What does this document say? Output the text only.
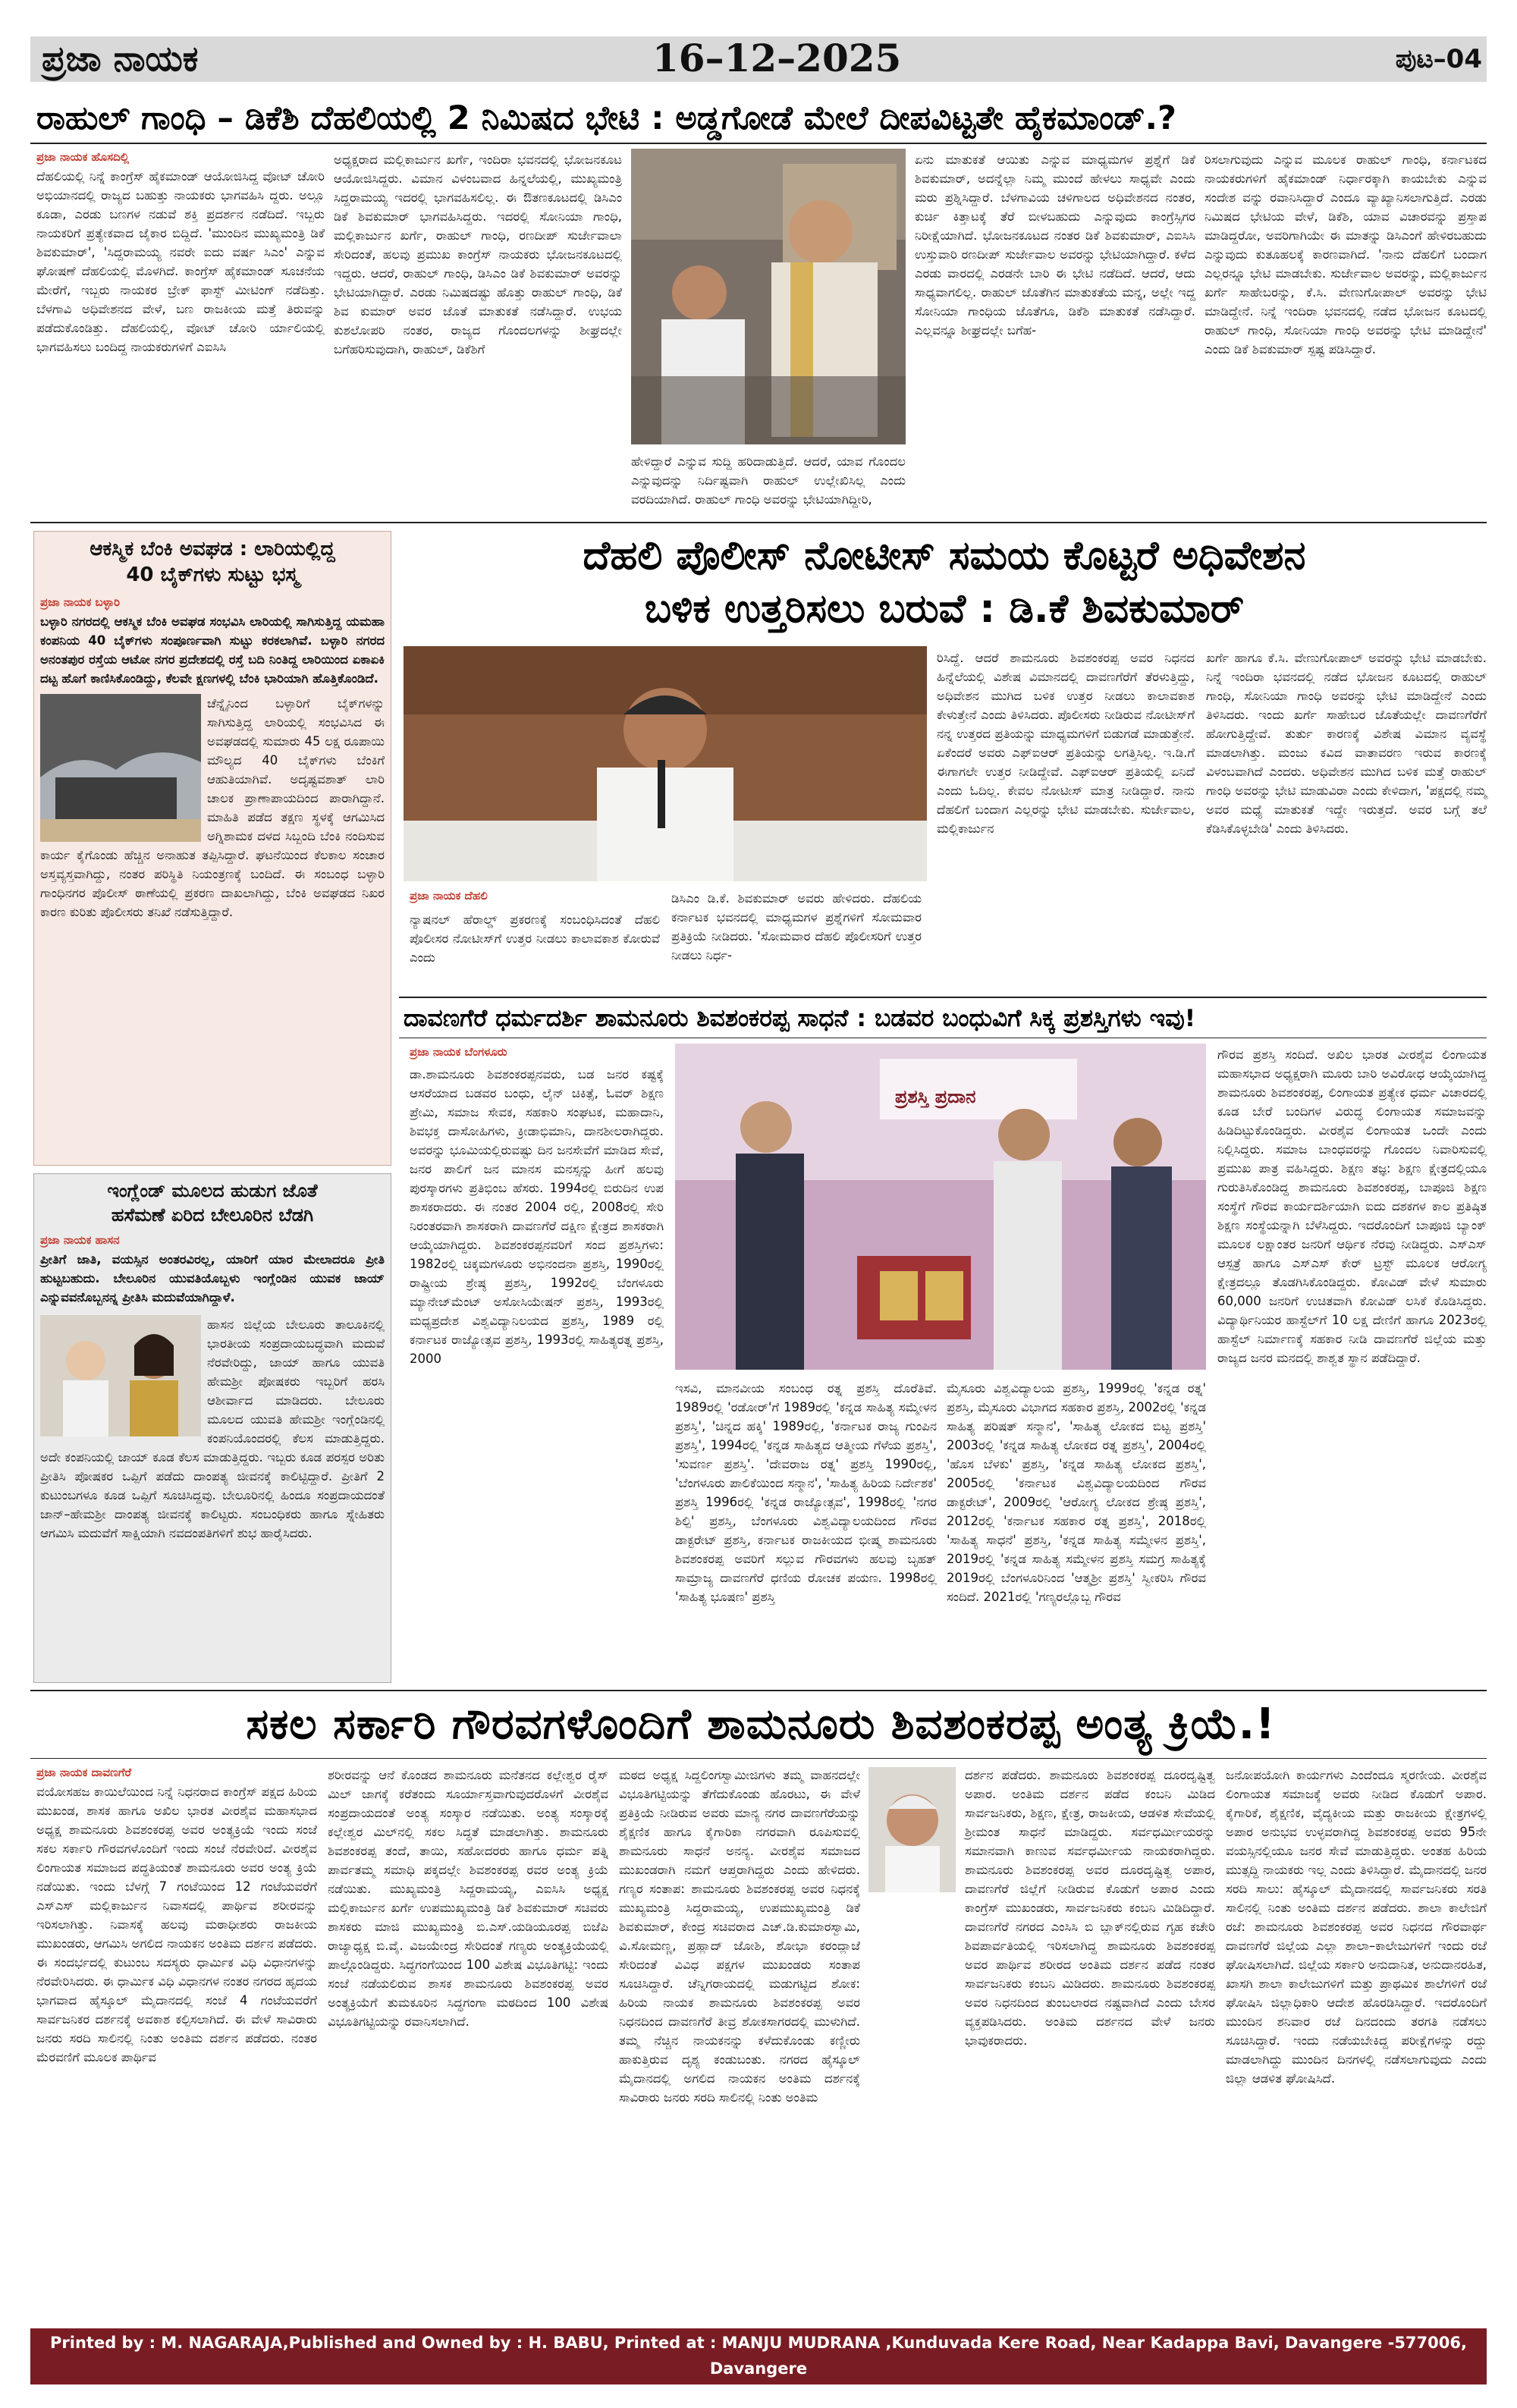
ಪ್ರಜಾ ನಾಯಕ	16–12–2025	ಪುಟ–04
ರಾಹುಲ್ ಗಾಂಧಿ – ಡಿಕೆಶಿ ದೆಹಲಿಯಲ್ಲಿ 2 ನಿಮಿಷದ ಭೇಟಿ : ಅಡ್ಡಗೋಡೆ ಮೇಲೆ ದೀಪವಿಟ್ಟತೇ ಹೈಕಮಾಂಡ್.?
ಪ್ರಜಾ ನಾಯಕ ಹೊಸದಿಲ್ಲಿ
ದೆಹಲಿಯಲ್ಲಿ ನಿನ್ನೆ ಕಾಂಗ್ರೆಸ್ ಹೈಕಮಾಂಡ್ ಆಯೋಜಿಸಿದ್ದ ವೋಟ್ ಚೋರಿ ಅಭಿಯಾನದಲ್ಲಿ ರಾಜ್ಯದ ಬಹುತ್ತು ನಾಯಕರು ಭಾಗವಹಿಸಿ ದ್ದರು. ಅಲ್ಲೂ ಕೂಡಾ, ಎರಡು ಬಣಗಳ ನಡುವೆ ಶಕ್ತಿ ಪ್ರದರ್ಶನ ನಡೆದಿದೆ. ಇಬ್ಬರು ನಾಯಕರಿಗೆ ಪ್ರತ್ಯೇಕವಾದ ಜೈಕಾರ ಬಿದ್ದಿದೆ. 'ಮುಂದಿನ ಮುಖ್ಯಮಂತ್ರಿ ಡಿಕೆ ಶಿವಕುಮಾರ್', 'ಸಿದ್ದರಾಮಯ್ಯ ನವರೇ ಐದು ವರ್ಷ ಸಿಎಂ' ಎನ್ನುವ ಘೋಷಣೆ ದೆಹಲಿಯಲ್ಲಿ ಮೊಳಗಿದೆ. ಕಾಂಗ್ರೆಸ್ ಹೈಕಮಾಂಡ್ ಸೂಚನೆಯ ಮೇರೆಗೆ, ಇಬ್ಬರು ನಾಯಕರ ಬ್ರೇಕ್ ಫಾಸ್ಟ್ ಮೀಟಿಂಗ್ ನಡೆದಿತ್ತು. ಬೆಳಗಾವಿ ಅಧಿವೇಶನದ ವೇಳೆ, ಬಣ ರಾಜಕೀಯ ಮತ್ತೆ ತಿರುವನ್ನು ಪಡೆದುಕೊಂಡಿತ್ತು. ದೆಹಲಿಯಲ್ಲಿ, ವೋಟ್ ಚೋರಿ ರ್ಯಾಲಿಯಲ್ಲಿ ಭಾಗವಹಿಸಲು ಬಂದಿದ್ದ ನಾಯಕರುಗಳಿಗೆ ಎಐಸಿಸಿ
ಅಧ್ಯಕ್ಷರಾದ ಮಲ್ಲಿಕಾರ್ಜುನ ಖರ್ಗೆ, ಇಂದಿರಾ ಭವನದಲ್ಲಿ ಭೋಜನಕೂಟ ಆಯೋಜಿಸಿದ್ದರು. ವಿಮಾನ ವಿಳಂಬವಾದ ಹಿನ್ನಲೆಯಲ್ಲಿ, ಮುಖ್ಯಮಂತ್ರಿ ಸಿದ್ದರಾಮಯ್ಯ ಇದರಲ್ಲಿ ಭಾಗವಹಿಸಲಿಲ್ಲ. ಈ ಔತಣಕೂಟದಲ್ಲಿ ಡಿಸಿಎಂ ಡಿಕೆ ಶಿವಕುಮಾರ್ ಭಾಗವಹಿಸಿದ್ದರು. ಇದರಲ್ಲಿ ಸೋನಿಯಾ ಗಾಂಧಿ, ಮಲ್ಲಿಕಾರ್ಜುನ ಖರ್ಗೆ, ರಾಹುಲ್ ಗಾಂಧಿ, ರಣದೀಪ್ ಸುರ್ಜೇವಾಲಾ ಸೇರಿದಂತೆ, ಹಲವು ಪ್ರಮುಖ ಕಾಂಗ್ರೆಸ್ ನಾಯಕರು ಭೋಜನಕೂಟದಲ್ಲಿ ಇದ್ದರು. ಆದರೆ, ರಾಹುಲ್ ಗಾಂಧಿ, ಡಿಸಿಎಂ ಡಿಕೆ ಶಿವಕುಮಾರ್ ಅವರನ್ನು ಭೇಟಿಯಾಗಿದ್ದಾರೆ. ಎರಡು ನಿಮಿಷದಷ್ಟು ಹೊತ್ತು ರಾಹುಲ್ ಗಾಂಧಿ, ಡಿಕೆ ಶಿವ ಕುಮಾರ್ ಅವರ ಜೊತೆ ಮಾತುಕತೆ ನಡೆಸಿದ್ದಾರೆ. ಉಭಯ ಕುಶಲೋಪರಿ ನಂತರ, ರಾಜ್ಯದ ಗೊಂದಲಗಳನ್ನು ಶೀಘ್ರದಲ್ಲೇ ಬಗೆಹರಿಸುವುದಾಗಿ, ರಾಹುಲ್, ಡಿಕೆಶಿಗೆ
ಹೇಳಿದ್ದಾರೆ ಎನ್ನುವ ಸುದ್ದಿ ಹರಿದಾಡುತ್ತಿದೆ. ಆದರೆ, ಯಾವ ಗೊಂದಲ ಎನ್ನುವುದನ್ನು ನಿರ್ದಿಷ್ಟವಾಗಿ ರಾಹುಲ್ ಉಲ್ಲೇಖಿಸಿಲ್ಲ ಎಂದು ವರದಿಯಾಗಿದೆ. ರಾಹುಲ್ ಗಾಂಧಿ ಅವರನ್ನು ಭೇಟಿಯಾಗಿದ್ದೀರಿ,
ಏನು ಮಾತುಕತೆ ಆಯಿತು ಎನ್ನುವ ಮಾಧ್ಯಮಗಳ ಪ್ರಶ್ನೆಗೆ ಡಿಕೆ ಶಿವಕುಮಾರ್, ಅದನ್ನೆಲ್ಲಾ ನಿಮ್ಮ ಮುಂದೆ ಹೇಳಲು ಸಾಧ್ಯವೇ ಎಂದು ಮರು ಪ್ರಶ್ನಿಸಿದ್ದಾರೆ. ಬೆಳಗಾವಿಯ ಚಳಿಗಾಲದ ಅಧಿವೇಶನದ ನಂತರ, ಕುರ್ಚಿ ಕಿತ್ತಾಟಕ್ಕೆ ತೆರೆ ಬೀಳಬಹುದು ಎನ್ನುವುದು ಕಾಂಗ್ರೆಸ್ಸಿಗರ ನಿರೀಕ್ಷೆಯಾಗಿದೆ. ಭೋಜನಕೂಟದ ನಂತರ ಡಿಕೆ ಶಿವಕುಮಾರ್, ಎಐಸಿಸಿ ಉಸ್ತುವಾರಿ ರಣದೀಪ್ ಸುರ್ಜೇವಾಲ ಅವರನ್ನು ಭೇಟಿಯಾಗಿದ್ದಾರೆ. ಕಳೆದ ಎರಡು ವಾರದಲ್ಲಿ ಎರಡನೇ ಬಾರಿ ಈ ಭೇಟಿ ನಡೆದಿದೆ. ಆದರೆ, ಆದು ಸಾಧ್ಯವಾಗಲಿಲ್ಲ. ರಾಹುಲ್ ಜೊತೆಗಿನ ಮಾತುಕತೆಯ ಮನ್ನ, ಅಲ್ಲೇ ಇದ್ದ ಸೋನಿಯಾ ಗಾಂಧಿಯ ಜೊತೆಗೂ, ಡಿಕೆಶಿ ಮಾತುಕತೆ ನಡೆಸಿದ್ದಾರೆ. ಎಲ್ಲವನ್ನೂ ಶೀಘ್ರದಲ್ಲೇ ಬಗೆಹ-
ರಿಸಲಾಗುವುದು ಎನ್ನುವ ಮೂಲಕ ರಾಹುಲ್ ಗಾಂಧಿ, ಕರ್ನಾಟಕದ ನಾಯಕರುಗಳಿಗೆ ಹೈಕಮಾಂಡ್ ನಿರ್ಧಾರಕ್ಕಾಗಿ ಕಾಯಬೇಕು ಎನ್ನುವ ಸಂದೇಶ ವನ್ನು ರವಾನಿಸಿದ್ದಾರೆ ಎಂದೂ ವ್ಯಾಖ್ಯಾನಿಸಲಾಗುತ್ತಿದೆ. ಎರಡು ನಿಮಿಷದ ಭೇಟಿಯ ವೇಳೆ, ಡಿಕೆಶಿ, ಯಾವ ವಿಚಾರವನ್ನು ಪ್ರಸ್ತಾಪ ಮಾಡಿದ್ದರೋ, ಅವರಿಗಾಗಿಯೇ ಈ ಮಾತನ್ನು ಡಿಸಿಎಂಗೆ ಹೇಳಿರಬಹುದು ಎನ್ನುವುದು ಕುತೂಹಲಕ್ಕೆ ಕಾರಣವಾಗಿದೆ. 'ನಾನು ದೆಹಲಿಗೆ ಬಂದಾಗ ಎಲ್ಲರನ್ನೂ ಭೇಟಿ ಮಾಡಬೇಕು. ಸುರ್ಜೇವಾಲ ಅವರನ್ನು, ಮಲ್ಲಿಕಾರ್ಜುನ ಖರ್ಗೆ ಸಾಹೇಬರನ್ನು, ಕೆ.ಸಿ. ವೇಣುಗೋಪಾಲ್ ಅವರನ್ನು ಭೇಟಿ ಮಾಡಿದ್ದೇನೆ. ನಿನ್ನೆ ಇಂದಿರಾ ಭವನದಲ್ಲಿ ನಡೆದ ಭೋಜನ ಕೂಟದಲ್ಲಿ ರಾಹುಲ್ ಗಾಂಧಿ, ಸೋನಿಯಾ ಗಾಂಧಿ ಅವರನ್ನು ಭೇಟಿ ಮಾಡಿದ್ದೇನೆ' ಎಂದು ಡಿಕೆ ಶಿವಕುಮಾರ್ ಸ್ಪಷ್ಟ ಪಡಿಸಿದ್ದಾರೆ.
ಆಕಸ್ಮಿಕ ಬೆಂಕಿ ಅವಘಡ : ಲಾರಿಯಲ್ಲಿದ್ದ
40 ಬೈಕ್‌ಗಳು ಸುಟ್ಟು ಭಸ್ಮ
ಪ್ರಜಾ ನಾಯಕ ಬಳ್ಳಾರಿ
ಬಳ್ಳಾರಿ ನಗರದಲ್ಲಿ ಆಕಸ್ಮಿಕ ಬೆಂಕಿ ಅವಘಡ ಸಂಭವಿಸಿ ಲಾರಿಯಲ್ಲಿ ಸಾಗಿಸುತ್ತಿದ್ದ ಯಮಹಾ ಕಂಪನಿಯ 40 ಬೈಕ್‌ಗಳು ಸಂಪೂರ್ಣವಾಗಿ ಸುಟ್ಟು ಕರಕಲಾಗಿವೆ. ಬಳ್ಳಾರಿ ನಗರದ ಅನಂತಪುರ ರಸ್ತೆಯ ಆಟೋ ನಗರ ಪ್ರದೇಶದಲ್ಲಿ ರಸ್ತೆ ಬದಿ ನಿಂತಿದ್ದ ಲಾರಿಯಿಂದ ಏಕಾಏಕಿ ದಟ್ಟ ಹೊಗೆ ಕಾಣಿಸಿಕೊಂಡಿದ್ದು, ಕೆಲವೇ ಕ್ಷಣಗಳಲ್ಲಿ ಬೆಂಕಿ ಭಾರಿಯಾಗಿ ಹೊತ್ತಿಕೊಂಡಿದೆ.
ಚೆನ್ನೈನಿಂದ ಬಳ್ಳಾರಿಗೆ ಬೈಕ್‌ಗಳನ್ನು ಸಾಗಿಸುತ್ತಿದ್ದ ಲಾರಿಯಲ್ಲಿ ಸಂಭವಿಸಿದ ಈ ಅವಘಡದಲ್ಲಿ ಸುಮಾರು 45 ಲಕ್ಷ ರೂಪಾಯಿ ಮೌಲ್ಯದ 40 ಬೈಕ್‌ಗಳು ಬೆಂಕಿಗೆ ಆಹುತಿಯಾಗಿವೆ. ಅದೃಷ್ಟವಶಾತ್ ಲಾರಿ ಚಾಲಕ ಪ್ರಾಣಾಪಾಯದಿಂದ ಪಾರಾಗಿದ್ದಾನೆ. ಮಾಹಿತಿ ಪಡೆದ ತಕ್ಷಣ ಸ್ಥಳಕ್ಕೆ ಆಗಮಿಸಿದ ಅಗ್ನಿಶಾಮಕ ದಳದ ಸಿಬ್ಬಂದಿ ಬೆಂಕಿ ನಂದಿಸುವ ಕಾರ್ಯ ಕೈಗೊಂಡು ಹೆಚ್ಚಿನ ಅನಾಹುತ ತಪ್ಪಿಸಿದ್ದಾರೆ. ಘಟನೆಯಿಂದ ಕೆಲಕಾಲ ಸಂಚಾರ ಅಸ್ತವ್ಯಸ್ತವಾಗಿದ್ದು, ನಂತರ ಪರಿಸ್ಥಿತಿ ನಿಯಂತ್ರಣಕ್ಕೆ ಬಂದಿದೆ. ಈ ಸಂಬಂಧ ಬಳ್ಳಾರಿ ಗಾಂಧಿನಗರ ಪೊಲೀಸ್ ಠಾಣೆಯಲ್ಲಿ ಪ್ರಕರಣ ದಾಖಲಾಗಿದ್ದು, ಬೆಂಕಿ ಅವಘಡದ ನಿಖರ ಕಾರಣ ಕುರಿತು ಪೊಲೀಸರು ತನಿಖೆ ನಡೆಸುತ್ತಿದ್ದಾರೆ.
ಇಂಗ್ಲೆಂಡ್ ಮೂಲದ ಹುಡುಗ ಜೊತೆ
ಹಸೆಮಣೆ ಏರಿದ ಬೇಲೂರಿನ ಬೆಡಗಿ
ಪ್ರಜಾ ನಾಯಕ ಹಾಸನ
ಪ್ರೀತಿಗೆ ಜಾತಿ, ವಯಸ್ಸಿನ ಅಂತರವಿರಲ್ಲ, ಯಾರಿಗೆ ಯಾರ ಮೇಲಾದರೂ ಪ್ರೀತಿ ಹುಟ್ಟಬಹುದು. ಬೇಲೂರಿನ ಯುವತಿಯೊಬ್ಬಳು ಇಂಗ್ಲೆಂಡಿನ ಯುವಕ ಜಾಯ್ ಎನ್ನುವವನೊಬ್ಬನನ್ನ ಪ್ರೀತಿಸಿ ಮದುವೆಯಾಗಿದ್ದಾಳೆ.
ಹಾಸನ ಜಿಲ್ಲೆಯ ಬೇಲೂರು ತಾಲೂಕಿನಲ್ಲಿ ಭಾರತೀಯ ಸಂಪ್ರದಾಯಬದ್ಧವಾಗಿ ಮದುವೆ ನೆರವೇರಿದ್ದು, ಜಾಯ್ ಹಾಗೂ ಯುವತಿ ಹೇಮಶ್ರೀ ಪೋಷಕರು ಇಬ್ಬರಿಗೆ ಹರಸಿ ಆಶೀರ್ವಾದ ಮಾಡಿದರು. ಬೇಲೂರು ಮೂಲದ ಯುವತಿ ಹೇಮಶ್ರೀ ಇಂಗ್ಲೆಂಡಿನಲ್ಲಿ ಕಂಪನಿಯೊಂದರಲ್ಲಿ ಕೆಲಸ ಮಾಡುತ್ತಿದ್ದರು. ಅದೇ ಕಂಪನಿಯಲ್ಲಿ ಜಾಯ್ ಕೂಡ ಕೆಲಸ ಮಾಡುತ್ತಿದ್ದರು. ಇಬ್ಬರು ಕೂಡ ಪರಸ್ಪರ ಅರಿತು ಪ್ರೀತಿಸಿ ಪೋಷಕರ ಒಪ್ಪಿಗೆ ಪಡೆದು ದಾಂಪತ್ಯ ಜೀವನಕ್ಕೆ ಕಾಲಿಟ್ಟಿದ್ದಾರೆ. ಪ್ರೀತಿಗೆ 2 ಕುಟುಂಬಗಳೂ ಕೂಡ ಒಪ್ಪಿಗೆ ಸೂಚಿಸಿದ್ದವು. ಬೇಲೂರಿನಲ್ಲಿ ಹಿಂದೂ ಸಂಪ್ರದಾಯದಂತೆ ಜಾನ್–ಹೇಮಶ್ರೀ ದಾಂಪತ್ಯ ಜೀವನಕ್ಕೆ ಕಾಲಿಟ್ಟರು. ಸಂಬಂಧಿಕರು ಹಾಗೂ ಸ್ನೇಹಿತರು ಆಗಮಿಸಿ ಮದುವೆಗೆ ಸಾಕ್ಷಿಯಾಗಿ ನವದಂಪತಿಗಳಿಗೆ ಶುಭ ಹಾರೈಸಿದರು.
ದೆಹಲಿ ಪೊಲೀಸ್ ನೋಟೀಸ್ ಸಮಯ ಕೊಟ್ಟರೆ ಅಧಿವೇಶನ
ಬಳಿಕ ಉತ್ತರಿಸಲು ಬರುವೆ : ಡಿ.ಕೆ ಶಿವಕುಮಾರ್
ಪ್ರಜಾ ನಾಯಕ ದೆಹಲಿ
ನ್ಯಾಷನಲ್ ಹೆರಾಲ್ಡ್ ಪ್ರಕರಣಕ್ಕೆ ಸಂಬಂಧಿಸಿದಂತೆ ದೆಹಲಿ ಪೊಲೀಸರ ನೋಟೀಸ್‌ಗೆ ಉತ್ತರ ನೀಡಲು ಕಾಲಾವಕಾಶ ಕೋರುವೆ ಎಂದು
ಡಿಸಿಎಂ ಡಿ.ಕೆ. ಶಿವಕುಮಾರ್ ಅವರು ಹೇಳಿದರು. ದೆಹಲಿಯ ಕರ್ನಾಟಕ ಭವನದಲ್ಲಿ ಮಾಧ್ಯಮಗಳ ಪ್ರಶ್ನೆಗಳಿಗೆ ಸೋಮವಾರ ಪ್ರತಿಕ್ರಿಯೆ ನೀಡಿದರು. 'ಸೋಮವಾರ ದೆಹಲಿ ಪೊಲೀಸರಿಗೆ ಉತ್ತರ ನೀಡಲು ನಿರ್ಧ-
ರಿಸಿದ್ದೆ. ಆದರೆ ಶಾಮನೂರು ಶಿವಶಂಕರಪ್ಪ ಅವರ ನಿಧನದ ಹಿನ್ನೆಲೆಯಲ್ಲಿ ವಿಶೇಷ ವಿಮಾನದಲ್ಲಿ ದಾವಣಗೆರೆಗೆ ತೆರಳುತ್ತಿದ್ದು, ಅಧಿವೇಶನ ಮುಗಿದ ಬಳಿಕ ಉತ್ತರ ನೀಡಲು ಕಾಲಾವಕಾಶ ಕೇಳುತ್ತೇನೆ ಎಂದು ತಿಳಿಸಿದರು. ಪೊಲೀಸರು ನೀಡಿರುವ ನೋಟೀಸ್‌ಗೆ ನನ್ನ ಉತ್ತರದ ಪ್ರತಿಯನ್ನು ಮಾಧ್ಯಮಗಳಿಗೆ ಬಿಡುಗಡೆ ಮಾಡುತ್ತೇನೆ. ಏಕೆಂದರೆ ಅವರು ಎಫ್‌ಐಆರ್ ಪ್ರತಿಯನ್ನು ಲಗತ್ತಿಸಿಲ್ಲ. ಇ.ಡಿ.ಗೆ ಈಗಾಗಲೇ ಉತ್ತರ ನೀಡಿದ್ದೇವೆ. ಎಫ್‌ಐಆರ್ ಪ್ರತಿಯಲ್ಲಿ ಏನಿದೆ ಎಂದು ಓದಿಲ್ಲ. ಕೇವಲ ನೋಟೀಸ್ ಮಾತ್ರ ನೀಡಿದ್ದಾರೆ. ನಾನು ದೆಹಲಿಗೆ ಬಂದಾಗ ಎಲ್ಲರನ್ನು ಭೇಟಿ ಮಾಡಬೇಕು. ಸುರ್ಜೇವಾಲ, ಮಲ್ಲಿಕಾರ್ಜುನ
ಖರ್ಗೆ ಹಾಗೂ ಕೆ.ಸಿ. ವೇಣುಗೋಪಾಲ್ ಅವರನ್ನು ಭೇಟಿ ಮಾಡಬೇಕು. ನಿನ್ನೆ ಇಂದಿರಾ ಭವನದಲ್ಲಿ ನಡೆದ ಭೋಜನ ಕೂಟದಲ್ಲಿ ರಾಹುಲ್ ಗಾಂಧಿ, ಸೋನಿಯಾ ಗಾಂಧಿ ಅವರನ್ನು ಭೇಟಿ ಮಾಡಿದ್ದೇನೆ ಎಂದು ತಿಳಿಸಿದರು. ಇಂದು ಖರ್ಗೆ ಸಾಹೇಬರ ಜೊತೆಯಲ್ಲೇ ದಾವಣಗೆರೆಗೆ ಹೋಗುತ್ತಿದ್ದೇವೆ. ತುರ್ತು ಕಾರಣಕ್ಕೆ ವಿಶೇಷ ವಿಮಾನ ವ್ಯವಸ್ಥೆ ಮಾಡಲಾಗಿತ್ತು. ಮಂಜು ಕವಿದ ವಾತಾವರಣ ಇರುವ ಕಾರಣಕ್ಕೆ ವಿಳಂಬವಾಗಿದೆ ಎಂದರು. ಅಧಿವೇಶನ ಮುಗಿದ ಬಳಿಕ ಮತ್ತೆ ರಾಹುಲ್ ಗಾಂಧಿ ಅವರನ್ನು ಭೇಟಿ ಮಾಡುವಿರಾ ಎಂದು ಕೇಳಿದಾಗ, 'ಪಕ್ಷದಲ್ಲಿ ನಮ್ಮ ಅವರ ಮಧ್ಯೆ ಮಾತುಕತೆ ಇದ್ದೇ ಇರುತ್ತದೆ. ಅವರ ಬಗ್ಗೆ ತಲೆ ಕೆಡಿಸಿಕೊಳ್ಳಬೇಡಿ' ಎಂದು ತಿಳಿಸಿದರು.
ದಾವಣಗೆರೆ ಧರ್ಮದರ್ಶಿ ಶಾಮನೂರು ಶಿವಶಂಕರಪ್ಪ ಸಾಧನೆ : ಬಡವರ ಬಂಧುವಿಗೆ ಸಿಕ್ಕ ಪ್ರಶಸ್ತಿಗಳು ಇವು!
ಪ್ರಜಾ ನಾಯಕ ಬೆಂಗಳೂರು
ಪ್ರಶಸ್ತಿ ಪ್ರದಾನ
ಡಾ.ಶಾಮನೂರು ಶಿವಶಂಕರಪ್ಪನವರು, ಬಡ ಜನರ ಕಷ್ಟಕ್ಕೆ ಆಸರೆಯಾದ ಬಡವರ ಬಂಧು, ಲೈನ್ ಚಿಕಿತ್ಸೆ, ಓವರ್ ಶಿಕ್ಷಣ ಪ್ರೇಮಿ, ಸಮಾಜ ಸೇವಕ, ಸಹಕಾರಿ ಸಂಘಟಕ, ಮಹಾದಾನಿ, ಶಿವಭಕ್ತ ದಾಸೋಹಿಗಳು, ಕ್ರೀಡಾಭಿಮಾನಿ, ದಾನಶೀಲರಾಗಿದ್ದರು. ಅವರನ್ನು ಭೂಮಿಯಲ್ಲಿರುವಷ್ಟು ದಿನ ಜನಸೇವೆಗೆ ಮಾಡಿದ ಸೇವೆ, ಜನರ ಪಾಲಿಗೆ ಜನ ಮಾನಸ ಮನಸ್ಸನ್ನು ಹೀಗೆ ಹಲವು ಪುರಸ್ಕಾರಗಳು ಪ್ರತಿಭಿಂಬ ಹೆಸರು. 1994ರಲ್ಲಿ ಬಿರುದಿನ ಉಪ ಶಾಸಕರಾದರು. ಈ ನಂತರ 2004 ರಲ್ಲಿ, 2008ರಲ್ಲಿ ಸೇರಿ ನಿರಂತರವಾಗಿ ಶಾಸಕರಾಗಿ ದಾವಣಗೆರೆ ದಕ್ಷಿಣ ಕ್ಷೇತ್ರದ ಶಾಸಕರಾಗಿ ಆಯ್ಕೆಯಾಗಿದ್ದರು. ಶಿವಶಂಕರಪ್ಪನವರಿಗೆ ಸಂದ ಪ್ರಶಸ್ತಿಗಳು: 1982ರಲ್ಲಿ ಚಿಕ್ಕಮಗಳೂರು ಅಭಿನಂದನಾ ಪ್ರಶಸ್ತಿ, 1990ರಲ್ಲಿ ರಾಷ್ಟ್ರೀಯ ಶ್ರೇಷ್ಠ ಪ್ರಶಸ್ತಿ, 1992ರಲ್ಲಿ ಬೆಂಗಳೂರು ಮ್ಯಾನೇಜ್‌ಮೆಂಟ್ ಅಸೋಸಿಯೇಷನ್ ಪ್ರಶಸ್ತಿ, 1993ರಲ್ಲಿ ಮಧ್ಯಪ್ರದೇಶ ವಿಶ್ವವಿದ್ಯಾನಿಲಯದ ಪ್ರಶಸ್ತಿ, 1989 ರಲ್ಲಿ ಕರ್ನಾಟಕ ರಾಜ್ಯೋತ್ಸವ ಪ್ರಶಸ್ತಿ, 1993ರಲ್ಲಿ ಸಾಹಿತ್ಯರತ್ನ ಪ್ರಶಸ್ತಿ, 2000
ಇಸವಿ, ಮಾನವೀಯ ಸಂಬಂಧ ರತ್ನ ಪ್ರಶಸ್ತಿ ದೊರೆತಿವೆ. 1989ರಲ್ಲಿ 'ರಡೋರ್'ಗೆ 1989ರಲ್ಲಿ 'ಕನ್ನಡ ಸಾಹಿತ್ಯ ಸಮ್ಮೇಳನ ಪ್ರಶಸ್ತಿ', 'ಚಿನ್ನದ ಹಕ್ಕಿ' 1989ರಲ್ಲಿ, 'ಕರ್ನಾಟಕ ರಾಜ್ಯ ಗುಂಪಿನ ಪ್ರಶಸ್ತಿ', 1994ರಲ್ಲಿ 'ಕನ್ನಡ ಸಾಹಿತ್ಯದ ಆತ್ಮೀಯ ಗೆಳೆಯ ಪ್ರಶಸ್ತಿ', 'ಸುವರ್ಣ ಪ್ರಶಸ್ತಿ'. 'ದೇವರಾಜ ರತ್ನ' ಪ್ರಶಸ್ತಿ 1990ರಲ್ಲಿ, 'ಬೆಂಗಳೂರು ಪಾಲಿಕೆಯಿಂದ ಸನ್ಮಾನ', 'ಸಾಹಿತ್ಯ ಹಿರಿಯ ನಿರ್ದೇಶಕ' ಪ್ರಶಸ್ತಿ 1996ರಲ್ಲಿ 'ಕನ್ನಡ ರಾಜ್ಯೋತ್ಸವ', 1998ರಲ್ಲಿ 'ನಗರ ಶಿಲ್ಪಿ' ಪ್ರಶಸ್ತಿ, ಬೆಂಗಳೂರು ವಿಶ್ವವಿದ್ಯಾಲಯದಿಂದ ಗೌರವ ಡಾಕ್ಟರೇಟ್ ಪ್ರಶಸ್ತಿ, ಕರ್ನಾಟಕ ರಾಜಕೀಯದ ಭೀಷ್ಮ ಶಾಮನೂರು ಶಿವಶಂಕರಪ್ಪ ಅವರಿಗೆ ಸಲ್ಲುವ ಗೌರವಗಳು ಹಲವು ಬೃಹತ್ ಸಾಮ್ರಾಜ್ಯ ದಾವಣಗೆರೆ ಧಣಿಯ ರೋಚಕ ಪಯಣ. 1998ರಲ್ಲಿ 'ಸಾಹಿತ್ಯ ಭೂಷಣ' ಪ್ರಶಸ್ತಿ
ಮೈಸೂರು ವಿಶ್ವವಿದ್ಯಾಲಯ ಪ್ರಶಸ್ತಿ, 1999ರಲ್ಲಿ 'ಕನ್ನಡ ರತ್ನ' ಪ್ರಶಸ್ತಿ, ಮೈಸೂರು ವಿಭಾಗದ ಸಹಕಾರ ಪ್ರಶಸ್ತಿ, 2002ರಲ್ಲಿ 'ಕನ್ನಡ ಸಾಹಿತ್ಯ ಪರಿಷತ್ ಸನ್ಮಾನ', 'ಸಾಹಿತ್ಯ ಲೋಕದ ಬಿಟ್ಟ ಪ್ರಶಸ್ತಿ' 2003ರಲ್ಲಿ 'ಕನ್ನಡ ಸಾಹಿತ್ಯ ಲೋಕದ ರತ್ನ ಪ್ರಶಸ್ತಿ', 2004ರಲ್ಲಿ 'ಹೊಸ ಬೆಳಕು' ಪ್ರಶಸ್ತಿ, 'ಕನ್ನಡ ಸಾಹಿತ್ಯ ಲೋಕದ ಪ್ರಶಸ್ತಿ', 2005ರಲ್ಲಿ 'ಕರ್ನಾಟಕ ವಿಶ್ವವಿದ್ಯಾಲಯದಿಂದ ಗೌರವ ಡಾಕ್ಟರೇಟ್', 2009ರಲ್ಲಿ 'ಆರೋಗ್ಯ ಲೋಕದ ಶ್ರೇಷ್ಠ ಪ್ರಶಸ್ತಿ', 2012ರಲ್ಲಿ 'ಕರ್ನಾಟಕ ಸಹಕಾರ ರತ್ನ ಪ್ರಶಸ್ತಿ', 2018ರಲ್ಲಿ 'ಸಾಹಿತ್ಯ ಸಾಧನೆ' ಪ್ರಶಸ್ತಿ, 'ಕನ್ನಡ ಸಾಹಿತ್ಯ ಸಮ್ಮೇಳನ ಪ್ರಶಸ್ತಿ', 2019ರಲ್ಲಿ 'ಕನ್ನಡ ಸಾಹಿತ್ಯ ಸಮ್ಮೇಳನ ಪ್ರಶಸ್ತಿ ಸಮಗ್ರ ಸಾಹಿತ್ಯಕ್ಕೆ 2019ರಲ್ಲಿ ಬೆಂಗಳೂರಿನಿಂದ 'ಆತ್ಮಶ್ರೀ ಪ್ರಶಸ್ತಿ' ಸ್ವೀಕರಿಸಿ ಗೌರವ ಸಂದಿದೆ. 2021ರಲ್ಲಿ 'ಗಣ್ಯರಲ್ಲೊಬ್ಬ ಗೌರವ
ಗೌರವ ಪ್ರಶಸ್ತಿ ಸಂದಿದೆ. ಅಖಿಲ ಭಾರತ ವೀರಶೈವ ಲಿಂಗಾಯತ ಮಹಾಸಭಾದ ಅಧ್ಯಕ್ಷರಾಗಿ ಮೂರು ಬಾರಿ ಅವಿರೋಧ ಆಯ್ಕೆಯಾಗಿದ್ದ ಶಾಮನೂರು ಶಿವಶಂಕರಪ್ಪ, ಲಿಂಗಾಯತ ಪ್ರತ್ಯೇಕ ಧರ್ಮ ವಿಚಾರದಲ್ಲಿ ಕೂಡ ಬೇರೆ ಬಂದಿಗಳ ವಿರುದ್ಧ ಲಿಂಗಾಯತ ಸಮಾಜವನ್ನು ಹಿಡಿದಿಟ್ಟುಕೊಂಡಿದ್ದರು. ವೀರಶೈವ ಲಿಂಗಾಯತ ಒಂದೇ ಎಂದು ನಿಲ್ಲಿಸಿದ್ದರು. ಸಮಾಜ ಬಾಂಧವರನ್ನು ಗೊಂದಲ ನಿವಾರಿಸುವಲ್ಲಿ ಪ್ರಮುಖ ಪಾತ್ರ ವಹಿಸಿದ್ದರು. ಶಿಕ್ಷಣ ತಜ್ಞ: ಶಿಕ್ಷಣ ಕ್ಷೇತ್ರದಲ್ಲಿಯೂ ಗುರುತಿಸಿಕೊಂಡಿದ್ದ ಶಾಮನೂರು ಶಿವಶಂಕರಪ್ಪ, ಬಾಪೂಜಿ ಶಿಕ್ಷಣ ಸಂಸ್ಥೆಗೆ ಗೌರವ ಕಾರ್ಯದರ್ಶಿಯಾಗಿ ಐದು ದಶಕಗಳ ಕಾಲ ಪ್ರತಿಷ್ಠಿತ ಶಿಕ್ಷಣ ಸಂಸ್ಥೆಯನ್ನಾಗಿ ಬೆಳೆಸಿದ್ದರು. ಇದರೊಂದಿಗೆ ಬಾಪೂಜಿ ಬ್ಯಾಂಕ್ ಮೂಲಕ ಲಕ್ಷಾಂತರ ಜನರಿಗೆ ಆರ್ಥಿಕ ನೆರವು ನೀಡಿದ್ದರು. ಎಸ್‌ಎಸ್ ಆಸ್ಪತ್ರೆ ಹಾಗೂ ಎಸ್‌ಎಸ್ ಕೇರ್ ಟ್ರಸ್ಟ್ ಮೂಲಕ ಆರೋಗ್ಯ ಕ್ಷೇತ್ರದಲ್ಲೂ ತೊಡಗಿಸಿಕೊಂಡಿದ್ದರು. ಕೋವಿಡ್ ವೇಳೆ ಸುಮಾರು 60,000 ಜನರಿಗೆ ಉಚಿತವಾಗಿ ಕೋವಿಡ್ ಲಸಿಕೆ ಕೊಡಿಸಿದ್ದರು. ವಿದ್ಯಾರ್ಥಿನಿಯರ ಹಾಸ್ಟೆಲ್‌ಗೆ 10 ಲಕ್ಷ ದೇಣಿಗೆ ಹಾಗೂ 2023ರಲ್ಲಿ ಹಾಸ್ಟೆಲ್ ನಿರ್ಮಾಣಕ್ಕೆ ಸಹಕಾರ ನೀಡಿ ದಾವಣಗೆರೆ ಜಿಲ್ಲೆಯ ಮತ್ತು ರಾಜ್ಯದ ಜನರ ಮನದಲ್ಲಿ ಶಾಶ್ವತ ಸ್ಥಾನ ಪಡೆದಿದ್ದಾರೆ.
ಸಕಲ ಸರ್ಕಾರಿ ಗೌರವಗಳೊಂದಿಗೆ ಶಾಮನೂರು ಶಿವಶಂಕರಪ್ಪ ಅಂತ್ಯ ಕ್ರಿಯೆ.!
ಪ್ರಜಾ ನಾಯಕ ದಾವಣಗೆರೆ
ವಯೋಸಹಜ ಕಾಯಿಲೆಯಿಂದ ನಿನ್ನೆ ನಿಧನರಾದ ಕಾಂಗ್ರೆಸ್ ಪಕ್ಷದ ಹಿರಿಯ ಮುಖಂಡ, ಶಾಸಕ ಹಾಗೂ ಅಖಿಲ ಭಾರತ ವೀರಶೈವ ಮಹಾಸಭಾದ ಅಧ್ಯಕ್ಷ ಶಾಮನೂರು ಶಿವಶಂಕರಪ್ಪ ಅವರ ಅಂತ್ಯಕ್ರಿಯೆ ಇಂದು ಸಂಜೆ ಸಕಲ ಸರ್ಕಾರಿ ಗೌರವಗಳೊಂದಿಗೆ ಇಂದು ಸಂಜೆ ನೆರವೇರಿದೆ. ವೀರಶೈವ ಲಿಂಗಾಯತ ಸಮಾಜದ ಪದ್ಧತಿಯಂತೆ ಶಾಮನೂರು ಅವರ ಅಂತ್ಯ ಕ್ರಿಯೆ ನಡೆಯಿತು. ಇಂದು ಬೆಳಗ್ಗೆ 7 ಗಂಟೆಯಿಂದ 12 ಗಂಟೆಯವರೆಗೆ ಎಸ್ಎಸ್ ಮಲ್ಲಿಕಾರ್ಜುನ ನಿವಾಸದಲ್ಲಿ ಪಾರ್ಥಿವ ಶರೀರವನ್ನು ಇರಿಸಲಾಗಿತ್ತು. ನಿವಾಸಕ್ಕೆ ಹಲವು ಮಠಾಧೀಶರು ರಾಜಕೀಯ ಮುಖಂಡರು, ಆಗಮಿಸಿ ಅಗಲಿದ ನಾಯಕನ ಅಂತಿಮ ದರ್ಶನ ಪಡೆದರು. ಈ ಸಂದರ್ಭದಲ್ಲಿ ಕುಟುಂಬ ಸದಸ್ಯರು ಧಾರ್ಮಿಕ ವಿಧಿ ವಿಧಾನಗಳನ್ನು ನೆರವೇರಿಸಿದರು. ಈ ಧಾರ್ಮಿಕ ವಿಧಿ ವಿಧಾನಗಳ ನಂತರ ನಗರದ ಹೃದಯ ಭಾಗವಾದ ಹೈಸ್ಕೂಲ್ ಮೈದಾನದಲ್ಲಿ ಸಂಜೆ 4 ಗಂಟೆಯವರೆಗೆ ಸಾರ್ವಜನಿಕರ ದರ್ಶನಕ್ಕೆ ಅವಕಾಶ ಕಲ್ಪಿಸಲಾಗಿದೆ. ಈ ವೇಳೆ ಸಾವಿರಾರು ಜನರು ಸರದಿ ಸಾಲಿನಲ್ಲಿ ನಿಂತು ಅಂತಿಮ ದರ್ಶನ ಪಡೆದರು. ನಂತರ ಮೆರವಣಿಗೆ ಮೂಲಕ ಪಾರ್ಥಿವ
ಶರೀರವನ್ನು ಆನೆ ಕೊಂಡದ ಶಾಮನೂರು ಮನೆತನದ ಕಲ್ಲೇಶ್ವರ ರೈಸ್ ಮಿಲ್ ಜಾಗಕ್ಕೆ ಕರೆತಂದು ಸೂರ್ಯಾಸ್ತವಾಗುವುದರೊಳಗೆ ವೀರಶೈವ ಸಂಪ್ರದಾಯದಂತೆ ಅಂತ್ಯ ಸಂಸ್ಕಾರ ನಡೆಯಿತು. ಅಂತ್ಯ ಸಂಸ್ಕಾರಕ್ಕೆ ಕಲ್ಲೇಶ್ವರ ಮಿಲ್‌ನಲ್ಲಿ ಸಕಲ ಸಿದ್ಧತೆ ಮಾಡಲಾಗಿತ್ತು. ಶಾಮನೂರು ಶಿವಶಂಕರಪ್ಪ ತಂದೆ, ತಾಯಿ, ಸಹೋದರರು ಹಾಗೂ ಧರ್ಮ ಪತ್ನಿ ಪಾರ್ವತಮ್ಮ ಸಮಾಧಿ ಪಕ್ಕದಲ್ಲೇ ಶಿವಶಂಕರಪ್ಪ ರವರ ಅಂತ್ಯ ಕ್ರಿಯೆ ನಡೆಯಿತು. ಮುಖ್ಯಮಂತ್ರಿ ಸಿದ್ದರಾಮಯ್ಯ, ಎಐಸಿಸಿ ಅಧ್ಯಕ್ಷ ಮಲ್ಲಿಕಾರ್ಜುನ ಖರ್ಗೆ ಉಪಮುಖ್ಯಮಂತ್ರಿ ಡಿಕೆ ಶಿವಕುಮಾರ್ ಸಚಿವರು ಶಾಸಕರು ಮಾಜಿ ಮುಖ್ಯಮಂತ್ರಿ ಬಿ.ಎಸ್.ಯಡಿಯೂರಪ್ಪ ಬಿಜೆಪಿ ರಾಜ್ಯಾಧ್ಯಕ್ಷ ಬಿ.ವೈ. ವಿಜಯೇಂದ್ರ ಸೇರಿದಂತೆ ಗಣ್ಯರು ಅಂತ್ಯಕ್ರಿಯೆಯಲ್ಲಿ ಪಾಲ್ಗೊಂಡಿದ್ದರು. ಸಿದ್ಧಗಂಗೆಯಿಂದ 100 ವಿಶೇಷ ವಿಭೂತಿಗಟ್ಟಿ: ಇಂದು ಸಂಜೆ ನಡೆಯಲಿರುವ ಶಾಸಕ ಶಾಮನೂರು ಶಿವಶಂಕರಪ್ಪ ಅವರ ಅಂತ್ಯಕ್ರಿಯೆಗೆ ತುಮಕೂರಿನ ಸಿದ್ಧಗಂಗಾ ಮಠದಿಂದ 100 ವಿಶೇಷ ವಿಭೂತಿಗಟ್ಟಿಯನ್ನು ರವಾನಿಸಲಾಗಿದೆ.
ಮಠದ ಅಧ್ಯಕ್ಷ ಸಿದ್ದಲಿಂಗಸ್ವಾಮೀಜಿಗಳು ತಮ್ಮ ವಾಹನದಲ್ಲೇ ವಿಭೂತಿಗಟ್ಟಿಯನ್ನು ತೆಗೆದುಕೊಂಡು ಹೊರಟು, ಈ ವೇಳೆ ಪ್ರತಿಕ್ರಿಯೆ ನೀಡಿರುವ ಅವರು ಮಾನ್ಯ ನಗರ ದಾವಣಗೆರೆಯನ್ನು ಶೈಕ್ಷಣಿಕ ಹಾಗೂ ಕೈಗಾರಿಕಾ ನಗರವಾಗಿ ರೂಪಿಸುವಲ್ಲಿ ಶಾಮನೂರು ಸಾಧನೆ ಅನನ್ಯ. ವೀರಶೈವ ಸಮಾಜದ ಮುಖಂಡರಾಗಿ ನಮಗೆ ಆಪ್ತರಾಗಿದ್ದರು ಎಂದು ಹೇಳಿದರು. ಗಣ್ಯರ ಸಂತಾಪ: ಶಾಮನೂರು ಶಿವಶಂಕರಪ್ಪ ಅವರ ನಿಧನಕ್ಕೆ ಮುಖ್ಯಮಂತ್ರಿ ಸಿದ್ದರಾಮಯ್ಯ, ಉಪಮುಖ್ಯಮಂತ್ರಿ ಡಿಕೆ ಶಿವಕುಮಾರ್, ಕೇಂದ್ರ ಸಚಿವರಾದ ಎಚ್.ಡಿ.ಕುಮಾರಸ್ವಾಮಿ, ವಿ.ಸೋಮಣ್ಣ, ಪ್ರಹ್ಲಾದ್ ಜೋಶಿ, ಶೋಭಾ ಕರಂದ್ಲಾಜೆ ಸೇರಿದಂತೆ ವಿವಿಧ ಪಕ್ಷಗಳ ಮುಖಂಡರು ಸಂತಾಪ ಸೂಚಿಸಿದ್ದಾರೆ. ಚೆನ್ನಿಗರಾಯದಲ್ಲಿ ಮಡುಗಟ್ಟಿದ ಶೋಕ: ಹಿರಿಯ ನಾಯಕ ಶಾಮನೂರು ಶಿವಶಂಕರಪ್ಪ ಅವರ ನಿಧನದಿಂದ ದಾವಣಗೆರೆ ತೀವ್ರ ಶೋಕಸಾಗರದಲ್ಲಿ ಮುಳುಗಿದೆ. ತಮ್ಮ ನೆಚ್ಚಿನ ನಾಯಕನನ್ನು ಕಳೆದುಕೊಂಡು ಕಣ್ಣೀರು ಹಾಕುತ್ತಿರುವ ದೃಶ್ಯ ಕಂಡುಬಂತು. ನಗರದ ಹೈಸ್ಕೂಲ್ ಮೈದಾನದಲ್ಲಿ ಅಗಲಿದ ನಾಯಕನ ಅಂತಿಮ ದರ್ಶನಕ್ಕೆ ಸಾವಿರಾರು ಜನರು ಸರದಿ ಸಾಲಿನಲ್ಲಿ ನಿಂತು ಅಂತಿಮ
ದರ್ಶನ ಪಡೆದರು. ಶಾಮನೂರು ಶಿವಶಂಕರಪ್ಪ ದೂರದೃಷ್ಟಿತ್ವ ಅಪಾರ. ಅಂತಿಮ ದರ್ಶನ ಪಡೆದ ಕಂಬನಿ ಮಿಡಿದ ಸಾರ್ವಜನಿಕರು, ಶಿಕ್ಷಣ, ಕ್ಷೇತ್ರ, ರಾಜಕೀಯ, ಆಡಳಿತ ಸೇವೆಯಲ್ಲಿ ಶ್ರೀಮಂತ ಸಾಧನೆ ಮಾಡಿದ್ದರು. ಸರ್ವಧರ್ಮೀಯರನ್ನು ಸಮಾನವಾಗಿ ಕಾಣುವ ಸರ್ವಧರ್ಮೀಯ ನಾಯಕರಾಗಿದ್ದರು. ಶಾಮನೂರು ಶಿವಶಂಕರಪ್ಪ ಅವರ ದೂರದೃಷ್ಟಿತ್ವ ಅಪಾರ, ದಾವಣಗೆರೆ ಜಿಲ್ಲೆಗೆ ನೀಡಿರುವ ಕೊಡುಗೆ ಅಪಾರ ಎಂದು ಕಾಂಗ್ರೆಸ್ ಮುಖಂಡರು, ಸಾರ್ವಜನಿಕರು ಕಂಬನಿ ಮಿಡಿದಿದ್ದಾರೆ. ದಾವಣಗೆರೆ ನಗರದ ಎಂಸಿಸಿ ಬಿ ಬ್ಲಾಕ್‌ನಲ್ಲಿರುವ ಗೃಹ ಕಚೇರಿ ಶಿವಪಾರ್ವತಿಯಲ್ಲಿ ಇರಿಸಲಾಗಿದ್ದ ಶಾಮನೂರು ಶಿವಶಂಕರಪ್ಪ ಅವರ ಪಾರ್ಥಿವ ಶರೀರದ ಅಂತಿಮ ದರ್ಶನ ಪಡೆದ ನಂತರ ಸಾರ್ವಜನಿಕರು ಕಂಬನಿ ಮಿಡಿದರು. ಶಾಮನೂರು ಶಿವಶಂಕರಪ್ಪ ಅವರ ನಿಧನದಿಂದ ತುಂಬಲಾರದ ನಷ್ಟವಾಗಿದೆ ಎಂದು ಬೇಸರ ವ್ಯಕ್ತಪಡಿಸಿದರು. ಅಂತಿಮ ದರ್ಶನದ ವೇಳೆ ಜನರು ಭಾವುಕರಾದರು.
ಜನೋಪಯೋಗಿ ಕಾರ್ಯಗಳು ಎಂದೆಂದೂ ಸ್ಮರಣೀಯ. ವೀರಶೈವ ಲಿಂಗಾಯತ ಸಮಾಜಕ್ಕೆ ಅವರು ನೀಡಿದ ಕೊಡುಗೆ ಅಪಾರ. ಕೈಗಾರಿಕೆ, ಶೈಕ್ಷಣಿಕ, ವೈದ್ಯಕೀಯ ಮತ್ತು ರಾಜಕೀಯ ಕ್ಷೇತ್ರಗಳಲ್ಲಿ ಅಪಾರ ಅನುಭವ ಉಳ್ಳವರಾಗಿದ್ದ ಶಿವಶಂಕರಪ್ಪ ಅವರು 95ನೇ ವಯಸ್ಸಿನಲ್ಲಿಯೂ ಜನರ ಸೇವೆ ಮಾಡುತ್ತಿದ್ದರು. ಅಂತಹ ಹಿರಿಯ ಮುತ್ಸದ್ದಿ ನಾಯಕರು ಇಲ್ಲ ಎಂದು ತಿಳಿಸಿದ್ದಾರೆ. ಮೈದಾನದಲ್ಲಿ ಜನರ ಸರದಿ ಸಾಲು: ಹೈಸ್ಕೂಲ್ ಮೈದಾನದಲ್ಲಿ ಸಾರ್ವಜನಿಕರು ಸರತಿ ಸಾಲಿನಲ್ಲಿ ನಿಂತು ಅಂತಿಮ ದರ್ಶನ ಪಡೆದರು. ಶಾಲಾ ಕಾಲೇಜಿಗೆ ರಜೆ: ಶಾಮನೂರು ಶಿವಶಂಕರಪ್ಪ ಅವರ ನಿಧನದ ಗೌರವಾರ್ಥ ದಾವಣಗೆರೆ ಜಿಲ್ಲೆಯ ಎಲ್ಲಾ ಶಾಲಾ–ಕಾಲೇಜುಗಳಿಗೆ ಇಂದು ರಜೆ ಘೋಷಿಸಲಾಗಿದೆ. ಜಿಲ್ಲೆಯ ಸರ್ಕಾರಿ ಅನುದಾನಿತ, ಅನುದಾನರಹಿತ, ಖಾಸಗಿ ಶಾಲಾ ಕಾಲೇಜುಗಳಿಗೆ ಮತ್ತು ಪ್ರಾಥಮಿಕ ಶಾಲೆಗಳಿಗೆ ರಜೆ ಘೋಷಿಸಿ ಜಿಲ್ಲಾಧಿಕಾರಿ ಆದೇಶ ಹೊರಡಿಸಿದ್ದಾರೆ. ಇದರೊಂದಿಗೆ ಮುಂದಿನ ಶನಿವಾರ ರಜೆ ದಿನದಂದು ತರಗತಿ ನಡೆಸಲು ಸೂಚಿಸಿದ್ದಾರೆ. ಇಂದು ನಡೆಯಬೇಕಿದ್ದ ಪರೀಕ್ಷೆಗಳನ್ನು ರದ್ದು ಮಾಡಲಾಗಿದ್ದು ಮುಂದಿನ ದಿನಗಳಲ್ಲಿ ನಡೆಸಲಾಗುವುದು ಎಂದು ಜಿಲ್ಲಾ ಆಡಳಿತ ಘೋಷಿಸಿದೆ.
Printed by : M. NAGARAJA,Published and Owned by : H. BABU, Printed at : MANJU MUDRANA ,Kunduvada Kere Road, Near Kadappa Bavi, Davangere -577006, Davangere
Dist, Karnataka Published at : At No .89, Marenahalli 577528, Jagalur Town, Davangere Dist, Karnataka. Editor : H. BABU.
